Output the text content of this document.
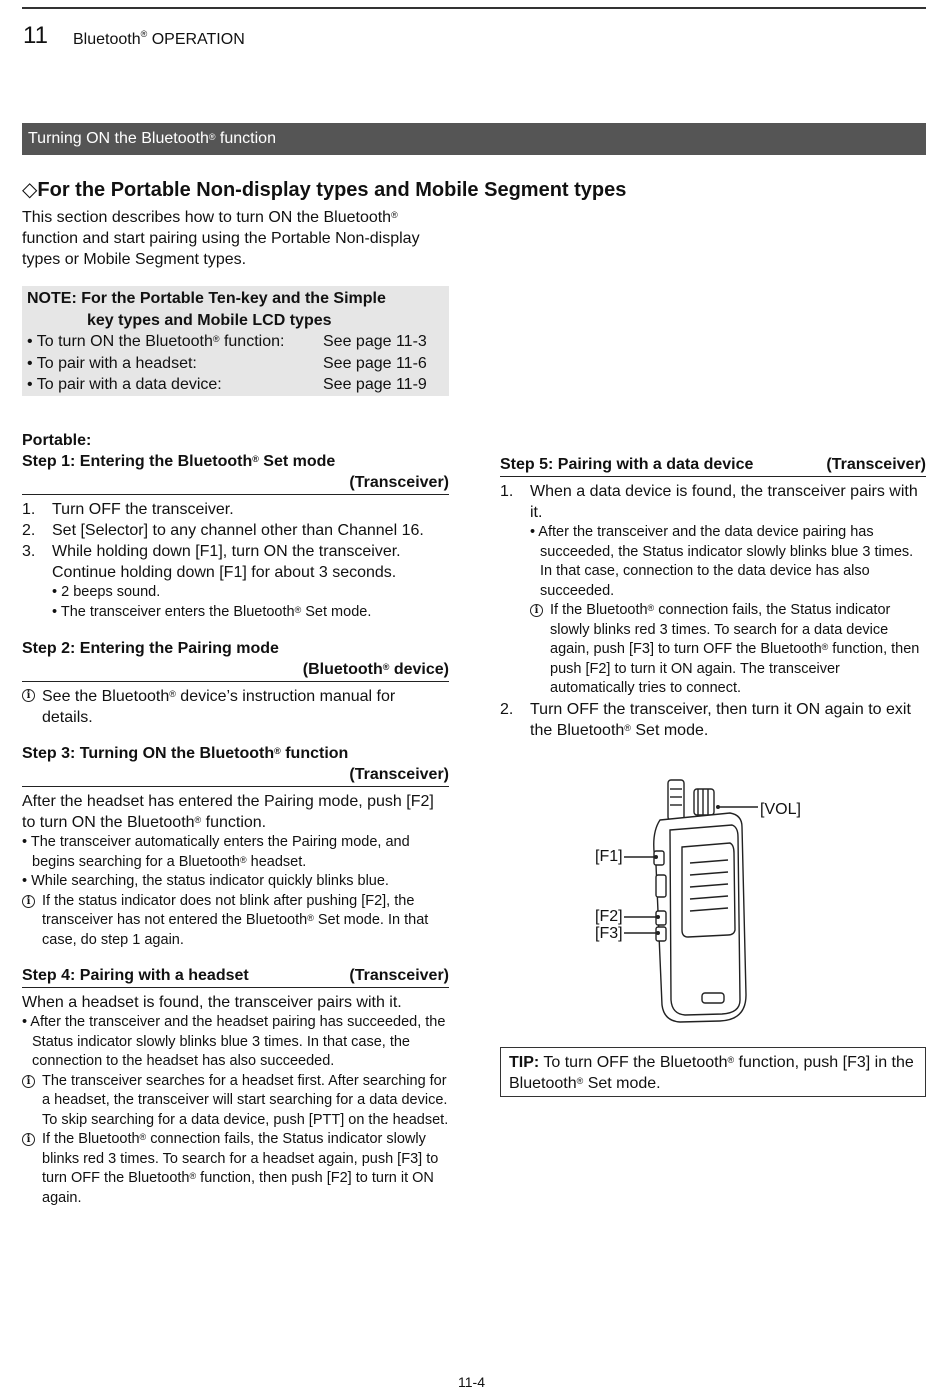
11 Bluetooth® OPERATION
Turning ON the Bluetooth® function
◇For the Portable Non-display types and Mobile Segment types
This section describes how to turn ON the Bluetooth® function and start pairing using the Portable Non-display types or Mobile Segment types.
NOTE: For the Portable Ten-key and the Simple
key types and Mobile LCD types
• To turn ON the Bluetooth® function:	See page 11-3
• To pair with a headset:	See page 11-6
• To pair with a data device:	See page 11-9
Portable:
Step 1: Entering the Bluetooth® Set mode
(Transceiver)
1.	Turn OFF the transceiver.
2.	Set [Selector] to any channel other than Channel 16.
3.	While holding down [F1], turn ON the transceiver. Continue holding down [F1] for about 3 seconds.
• 2 beeps sound.
• The transceiver enters the Bluetooth® Set mode.
Step 2: Entering the Pairing mode
(Bluetooth® device)
i See the Bluetooth® device’s instruction manual for details.
Step 3: Turning ON the Bluetooth® function
(Transceiver)
After the headset has entered the Pairing mode, push [F2] to turn ON the Bluetooth® function.
• The transceiver automatically enters the Pairing mode, and begins searching for a Bluetooth® headset.
• While searching, the status indicator quickly blinks blue.
i If the status indicator does not blink after pushing [F2], the transceiver has not entered the Bluetooth® Set mode. In that case, do step 1 again.
Step 4: Pairing with a headset	(Transceiver)
When a headset is found, the transceiver pairs with it.
• After the transceiver and the headset pairing has succeeded, the Status indicator slowly blinks blue 3 times. In that case, the connection to the headset has also succeeded.
i The transceiver searches for a headset first. After searching for a headset, the transceiver will start searching for a data device. To skip searching for a data device, push [PTT] on the headset.
i If the Bluetooth® connection fails, the Status indicator slowly blinks red 3 times. To search for a headset again, push [F3] to turn OFF the Bluetooth® function, then push [F2] to turn it ON again.
Step 5: Pairing with a data device	(Transceiver)
1.	When a data device is found, the transceiver pairs with it.
• After the transceiver and the data device pairing has succeeded, the Status indicator slowly blinks blue 3 times. In that case, connection to the data device has also succeeded.
i If the Bluetooth® connection fails, the Status indicator slowly blinks red 3 times. To search for a data device again, push [F3] to turn OFF the Bluetooth® function, then push [F2] to turn it ON again. The transceiver automatically tries to connect.
2.	Turn OFF the transceiver, then turn it ON again to exit the Bluetooth® Set mode.
[VOL]
[F1]
[F2]
[F3]
TIP: To turn OFF the Bluetooth® function, push [F3] in the Bluetooth® Set mode.
11-4
